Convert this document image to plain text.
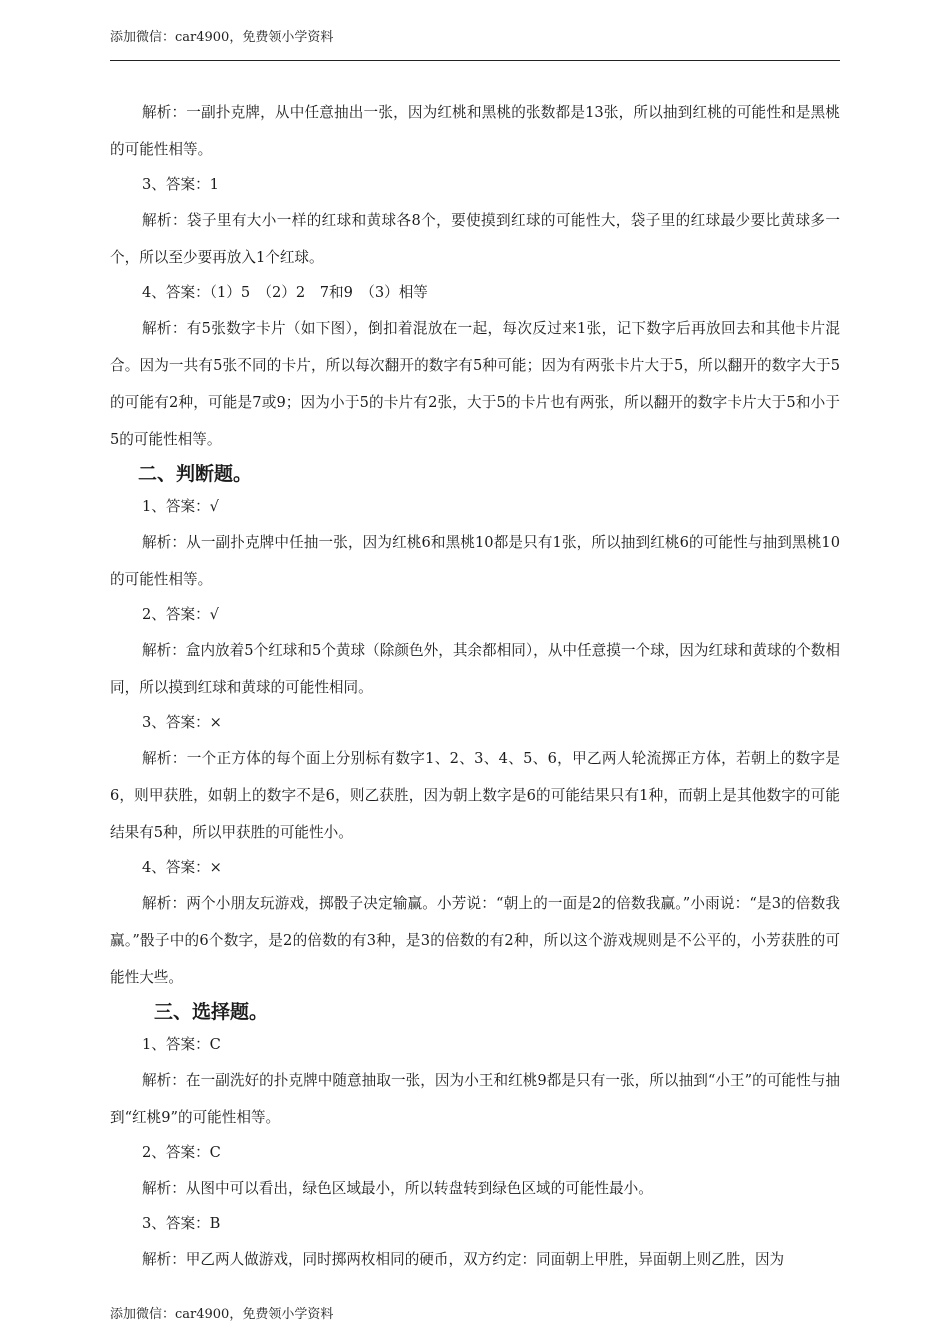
添加微信：car4900，免费领小学资料

解析：一副扑克牌，从中任意抽出一张，因为红桃和黑桃的张数都是13张，所以抽到红桃的可能性和是黑桃的可能性相等。

3、答案：1

解析：袋子里有大小一样的红球和黄球各8个，要使摸到红球的可能性大，袋子里的红球最少要比黄球多一个，所以至少要再放入1个红球。

4、答案：（1）5　（2）2　7和9　（3）相等

解析：有5张数字卡片（如下图），倒扣着混放在一起，每次反过来1张，记下数字后再放回去和其他卡片混合。因为一共有5张不同的卡片，所以每次翻开的数字有5种可能；因为有两张卡片大于5，所以翻开的数字大于5的可能有2种，可能是7或9；因为小于5的卡片有2张，大于5的卡片也有两张，所以翻开的数字卡片大于5和小于5的可能性相等。

二、判断题。

1、答案：√

解析：从一副扑克牌中任抽一张，因为红桃6和黑桃10都是只有1张，所以抽到红桃6的可能性与抽到黑桃10的可能性相等。

2、答案：√

解析：盒内放着5个红球和5个黄球（除颜色外，其余都相同），从中任意摸一个球，因为红球和黄球的个数相同，所以摸到红球和黄球的可能性相同。

3、答案：×

解析：一个正方体的每个面上分别标有数字1、2、3、4、5、6，甲乙两人轮流掷正方体，若朝上的数字是6，则甲获胜，如朝上的数字不是6，则乙获胜，因为朝上数字是6的可能结果只有1种，而朝上是其他数字的可能结果有5种，所以甲获胜的可能性小。

4、答案：×

解析：两个小朋友玩游戏，掷骰子决定输赢。小芳说：“朝上的一面是2的倍数我赢。”小雨说：“是3的倍数我赢。”骰子中的6个数字，是2的倍数的有3种，是3的倍数的有2种，所以这个游戏规则是不公平的，小芳获胜的可能性大些。

三、选择题。

1、答案：C

解析：在一副洗好的扑克牌中随意抽取一张，因为小王和红桃9都是只有一张，所以抽到“小王”的可能性与抽到“红桃9”的可能性相等。

2、答案：C

解析：从图中可以看出，绿色区域最小，所以转盘转到绿色区域的可能性最小。

3、答案：B

解析：甲乙两人做游戏，同时掷两枚相同的硬币，双方约定：同面朝上甲胜，异面朝上则乙胜，因为

添加微信：car4900，免费领小学资料
